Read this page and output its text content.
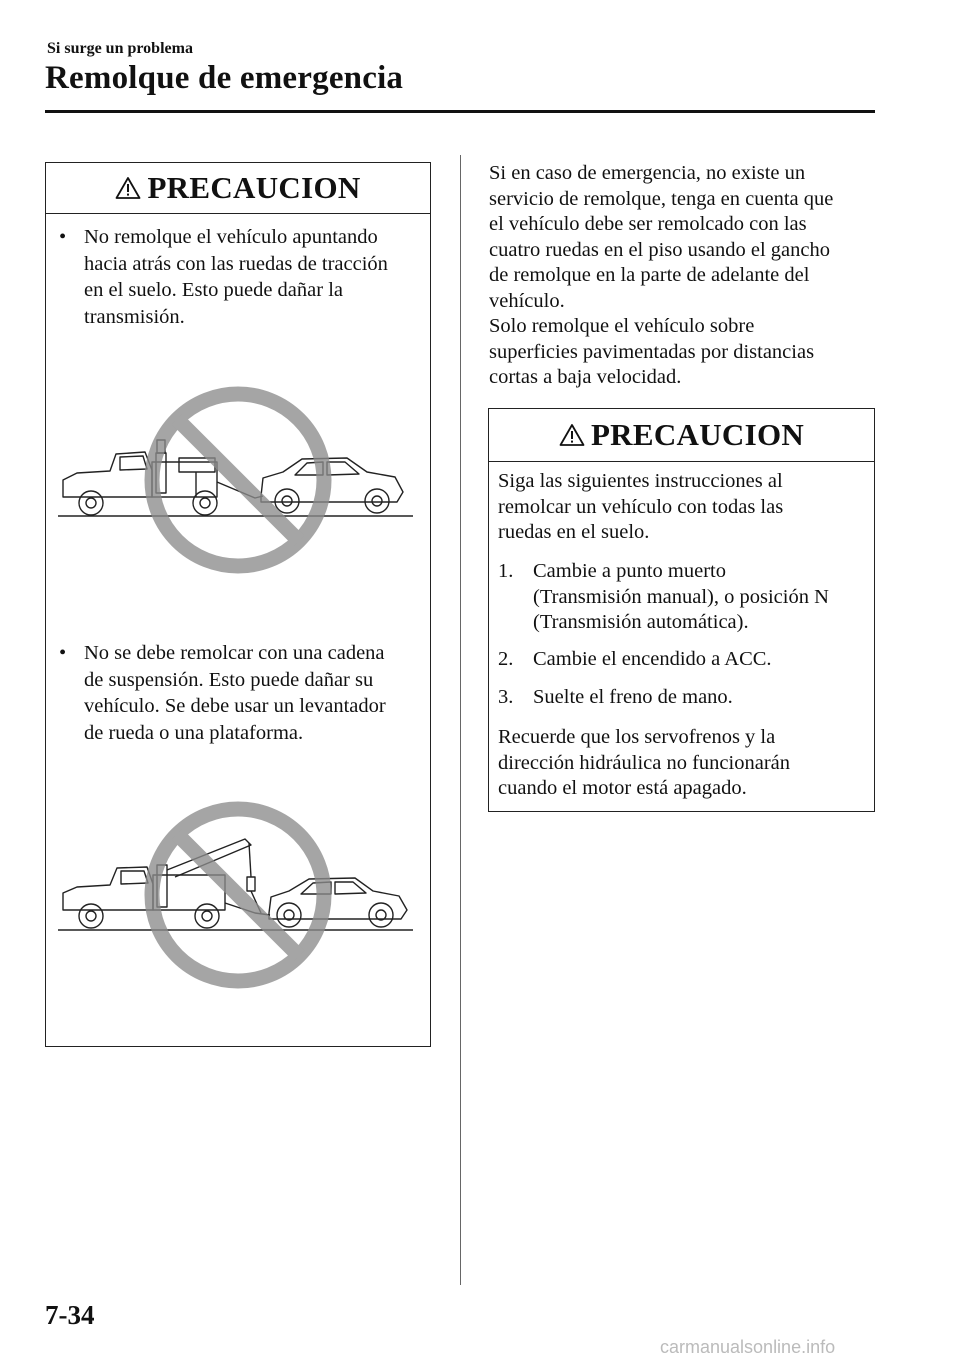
Si surge un problema
Remolque de emergencia
PRECAUCION
• No remolque el vehículo apuntando
hacia atrás con las ruedas de tracción
en el suelo. Esto puede dañar la
transmisión.
• No se debe remolcar con una cadena
de suspensión. Esto puede dañar su
vehículo. Se debe usar un levantador
de rueda o una plataforma.
Si en caso de emergencia, no existe un
servicio de remolque, tenga en cuenta que
el vehículo debe ser remolcado con las
cuatro ruedas en el piso usando el gancho
de remolque en la parte de adelante del
vehículo.
Solo remolque el vehículo sobre
superficies pavimentadas por distancias
cortas a baja velocidad.
PRECAUCION
Siga las siguientes instrucciones al
remolcar un vehículo con todas las
ruedas en el suelo.
1. Cambie a punto muerto
(Transmisión manual), o posición N
(Transmisión automática).
2. Cambie el encendido a ACC.
3. Suelte el freno de mano.
Recuerde que los servofrenos y la
dirección hidráulica no funcionarán
cuando el motor está apagado.
7-34
carmanualsonline.info
